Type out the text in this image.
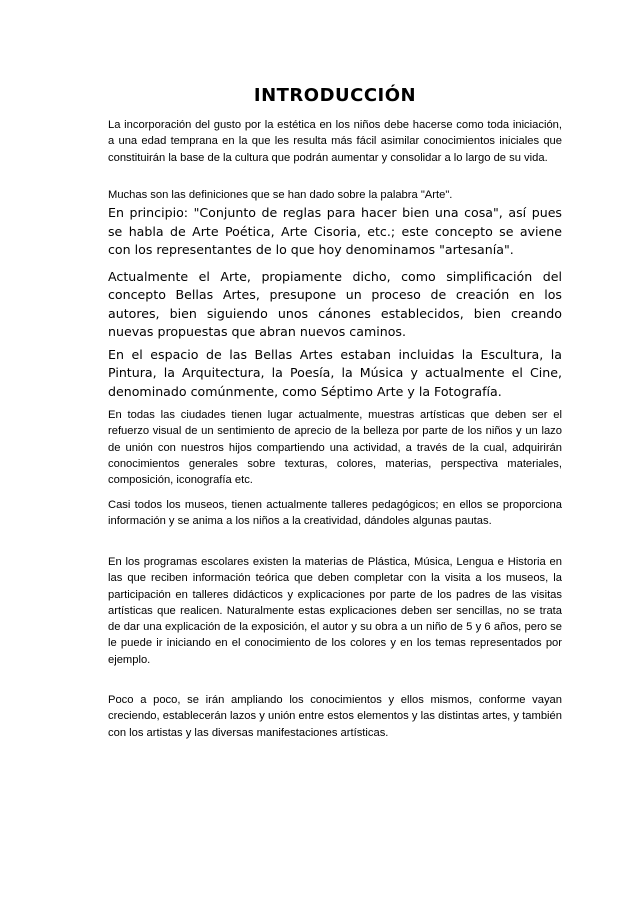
INTRODUCCIÓN

La incorporación del gusto por la estética en los niños debe hacerse como toda iniciación, a una edad temprana en la que les resulta más fácil asimilar conocimientos iniciales que constituirán la base de la cultura que podrán aumentar y consolidar a lo largo de su vida.

Muchas son las definiciones que se han dado sobre la palabra "Arte".
En principio: "Conjunto de reglas para hacer bien una cosa", así pues se habla de Arte Poética, Arte Cisoria, etc.; este concepto se aviene con los representantes de lo que hoy denominamos "artesanía".

Actualmente el Arte, propiamente dicho, como simplificación del concepto Bellas Artes, presupone un proceso de creación en los autores, bien siguiendo unos cánones establecidos, bien creando nuevas propuestas que abran nuevos caminos.

En el espacio de las Bellas Artes estaban incluidas la Escultura, la Pintura, la Arquitectura, la Poesía, la Música y actualmente el Cine, denominado comúnmente, como Séptimo Arte y la Fotografía.

En todas las ciudades tienen lugar actualmente, muestras artísticas que deben ser el refuerzo visual de un sentimiento de aprecio de la belleza por parte de los niños y un lazo de unión con nuestros hijos compartiendo una actividad, a través de la cual, adquirirán conocimientos generales sobre texturas, colores, materias, perspectiva materiales, composición, iconografía etc.

Casi todos los museos, tienen actualmente talleres pedagógicos; en ellos se proporciona información y se anima a los niños a la creatividad, dándoles algunas pautas.

En los programas escolares existen la materias de Plástica, Música, Lengua e Historia en las que reciben información teórica que deben completar con la visita a los museos, la participación en talleres didácticos y explicaciones por parte de los padres de las visitas artísticas que realicen. Naturalmente estas explicaciones deben ser sencillas, no se trata de dar una explicación de la exposición, el autor y su obra a un niño de 5 y 6 años, pero se le puede ir iniciando en el conocimiento de los colores y en los temas representados por ejemplo.

Poco a poco, se irán ampliando los conocimientos y ellos mismos, conforme vayan creciendo, establecerán lazos y unión entre estos elementos y las distintas artes, y también con los artistas y las diversas manifestaciones artísticas.
